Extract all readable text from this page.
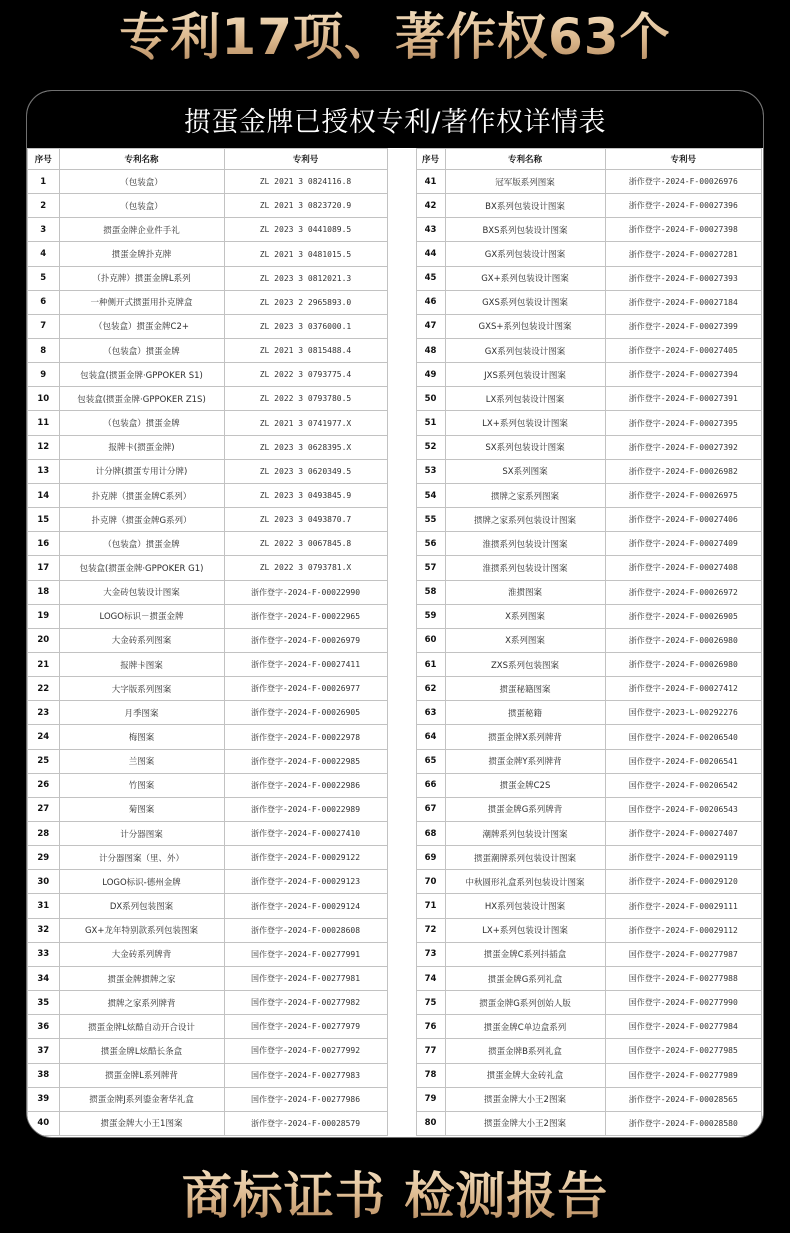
专利17项、著作权63个
掼蛋金牌已授权专利/著作权详情表
序号	专利名称	专利号
1	（包装盒）	ZL 2021 3 0824116.8
2	（包装盒）	ZL 2021 3 0823720.9
3	掼蛋金牌企业件手礼	ZL 2023 3 0441089.5
4	掼蛋金牌扑克牌	ZL 2021 3 0481015.5
5	（扑克牌）掼蛋金牌L系列	ZL 2023 3 0812021.3
6	一种侧开式掼蛋用扑克牌盒	ZL 2023 2 2965893.0
7	（包装盒）掼蛋金牌C2+	ZL 2023 3 0376000.1
8	（包装盒）掼蛋金牌	ZL 2021 3 0815488.4
9	包装盒(掼蛋金牌·GPPOKER S1)	ZL 2022 3 0793775.4
10	包装盒(掼蛋金牌·GPPOKER Z1S)	ZL 2022 3 0793780.5
11	（包装盒）掼蛋金牌	ZL 2021 3 0741977.X
12	报牌卡(掼蛋金牌)	ZL 2023 3 0628395.X
13	计分牌(掼蛋专用计分牌)	ZL 2023 3 0620349.5
14	扑克牌（掼蛋金牌C系列）	ZL 2023 3 0493845.9
15	扑克牌（掼蛋金牌G系列）	ZL 2023 3 0493870.7
16	（包装盒）掼蛋金牌	ZL 2022 3 0067845.8
17	包装盒(掼蛋金牌·GPPOKER G1)	ZL 2022 3 0793781.X
18	大金砖包装设计图案	浙作登字-2024-F-00022990
19	LOGO标识－掼蛋金牌	浙作登字-2024-F-00022965
20	大金砖系列图案	浙作登字-2024-F-00026979
21	报牌卡图案	浙作登字-2024-F-00027411
22	大字版系列图案	浙作登字-2024-F-00026977
23	月季图案	浙作登字-2024-F-00026905
24	梅图案	浙作登字-2024-F-00022978
25	兰图案	浙作登字-2024-F-00022985
26	竹图案	浙作登字-2024-F-00022986
27	菊图案	浙作登字-2024-F-00022989
28	计分器图案	浙作登字-2024-F-00027410
29	计分器图案（里、外）	浙作登字-2024-F-00029122
30	LOGO标识-德州金牌	浙作登字-2024-F-00029123
31	DX系列包装图案	浙作登字-2024-F-00029124
32	GX+龙年特别款系列包装图案	浙作登字-2024-F-00028608
33	大金砖系列牌背	国作登字-2024-F-00277991
34	掼蛋金牌掼牌之家	国作登字-2024-F-00277981
35	掼牌之家系列牌背	国作登字-2024-F-00277982
36	掼蛋金牌L炫酷自动开合设计	国作登字-2024-F-00277979
37	掼蛋金牌L炫酷长条盒	国作登字-2024-F-00277992
38	掼蛋金牌L系列牌背	国作登字-2024-F-00277983
39	掼蛋金牌J系列鎏金奢华礼盒	国作登字-2024-F-00277986
40	掼蛋金牌大小王1图案	浙作登字-2024-F-00028579
序号	专利名称	专利号
41	冠军版系列图案	浙作登字-2024-F-00026976
42	BX系列包装设计图案	浙作登字-2024-F-00027396
43	BXS系列包装设计图案	浙作登字-2024-F-00027398
44	GX系列包装设计图案	浙作登字-2024-F-00027281
45	GX+系列包装设计图案	浙作登字-2024-F-00027393
46	GXS系列包装设计图案	浙作登字-2024-F-00027184
47	GXS+系列包装设计图案	浙作登字-2024-F-00027399
48	GX系列包装设计图案	浙作登字-2024-F-00027405
49	JXS系列包装设计图案	浙作登字-2024-F-00027394
50	LX系列包装设计图案	浙作登字-2024-F-00027391
51	LX+系列包装设计图案	浙作登字-2024-F-00027395
52	SX系列包装设计图案	浙作登字-2024-F-00027392
53	SX系列图案	浙作登字-2024-F-00026982
54	掼牌之家系列图案	浙作登字-2024-F-00026975
55	掼牌之家系列包装设计图案	浙作登字-2024-F-00027406
56	淮掼系列包装设计图案	浙作登字-2024-F-00027409
57	淮掼系列包装设计图案	浙作登字-2024-F-00027408
58	淮掼图案	浙作登字-2024-F-00026972
59	X系列图案	浙作登字-2024-F-00026905
60	X系列图案	浙作登字-2024-F-00026980
61	ZXS系列包装图案	浙作登字-2024-F-00026980
62	掼蛋秘籍图案	浙作登字-2024-F-00027412
63	掼蛋秘籍	国作登字-2023-L-00292276
64	掼蛋金牌X系列牌背	国作登字-2024-F-00206540
65	掼蛋金牌Y系列牌背	国作登字-2024-F-00206541
66	掼蛋金牌C2S	国作登字-2024-F-00206542
67	掼蛋金牌G系列牌背	国作登字-2024-F-00206543
68	潮牌系列包装设计图案	浙作登字-2024-F-00027407
69	掼蛋潮牌系列包装设计图案	浙作登字-2024-F-00029119
70	中秋圆形礼盒系列包装设计图案	浙作登字-2024-F-00029120
71	HX系列包装设计图案	浙作登字-2024-F-00029111
72	LX+系列包装设计图案	浙作登字-2024-F-00029112
73	掼蛋金牌C系列抖插盒	国作登字-2024-F-00277987
74	掼蛋金牌G系列礼盒	国作登字-2024-F-00277988
75	掼蛋金牌G系列创始人版	国作登字-2024-F-00277990
76	掼蛋金牌C单边盒系列	国作登字-2024-F-00277984
77	掼蛋金牌B系列礼盒	国作登字-2024-F-00277985
78	掼蛋金牌大金砖礼盒	国作登字-2024-F-00277989
79	掼蛋金牌大小王2图案	浙作登字-2024-F-00028565
80	掼蛋金牌大小王2图案	浙作登字-2024-F-00028580
商标证书 检测报告
